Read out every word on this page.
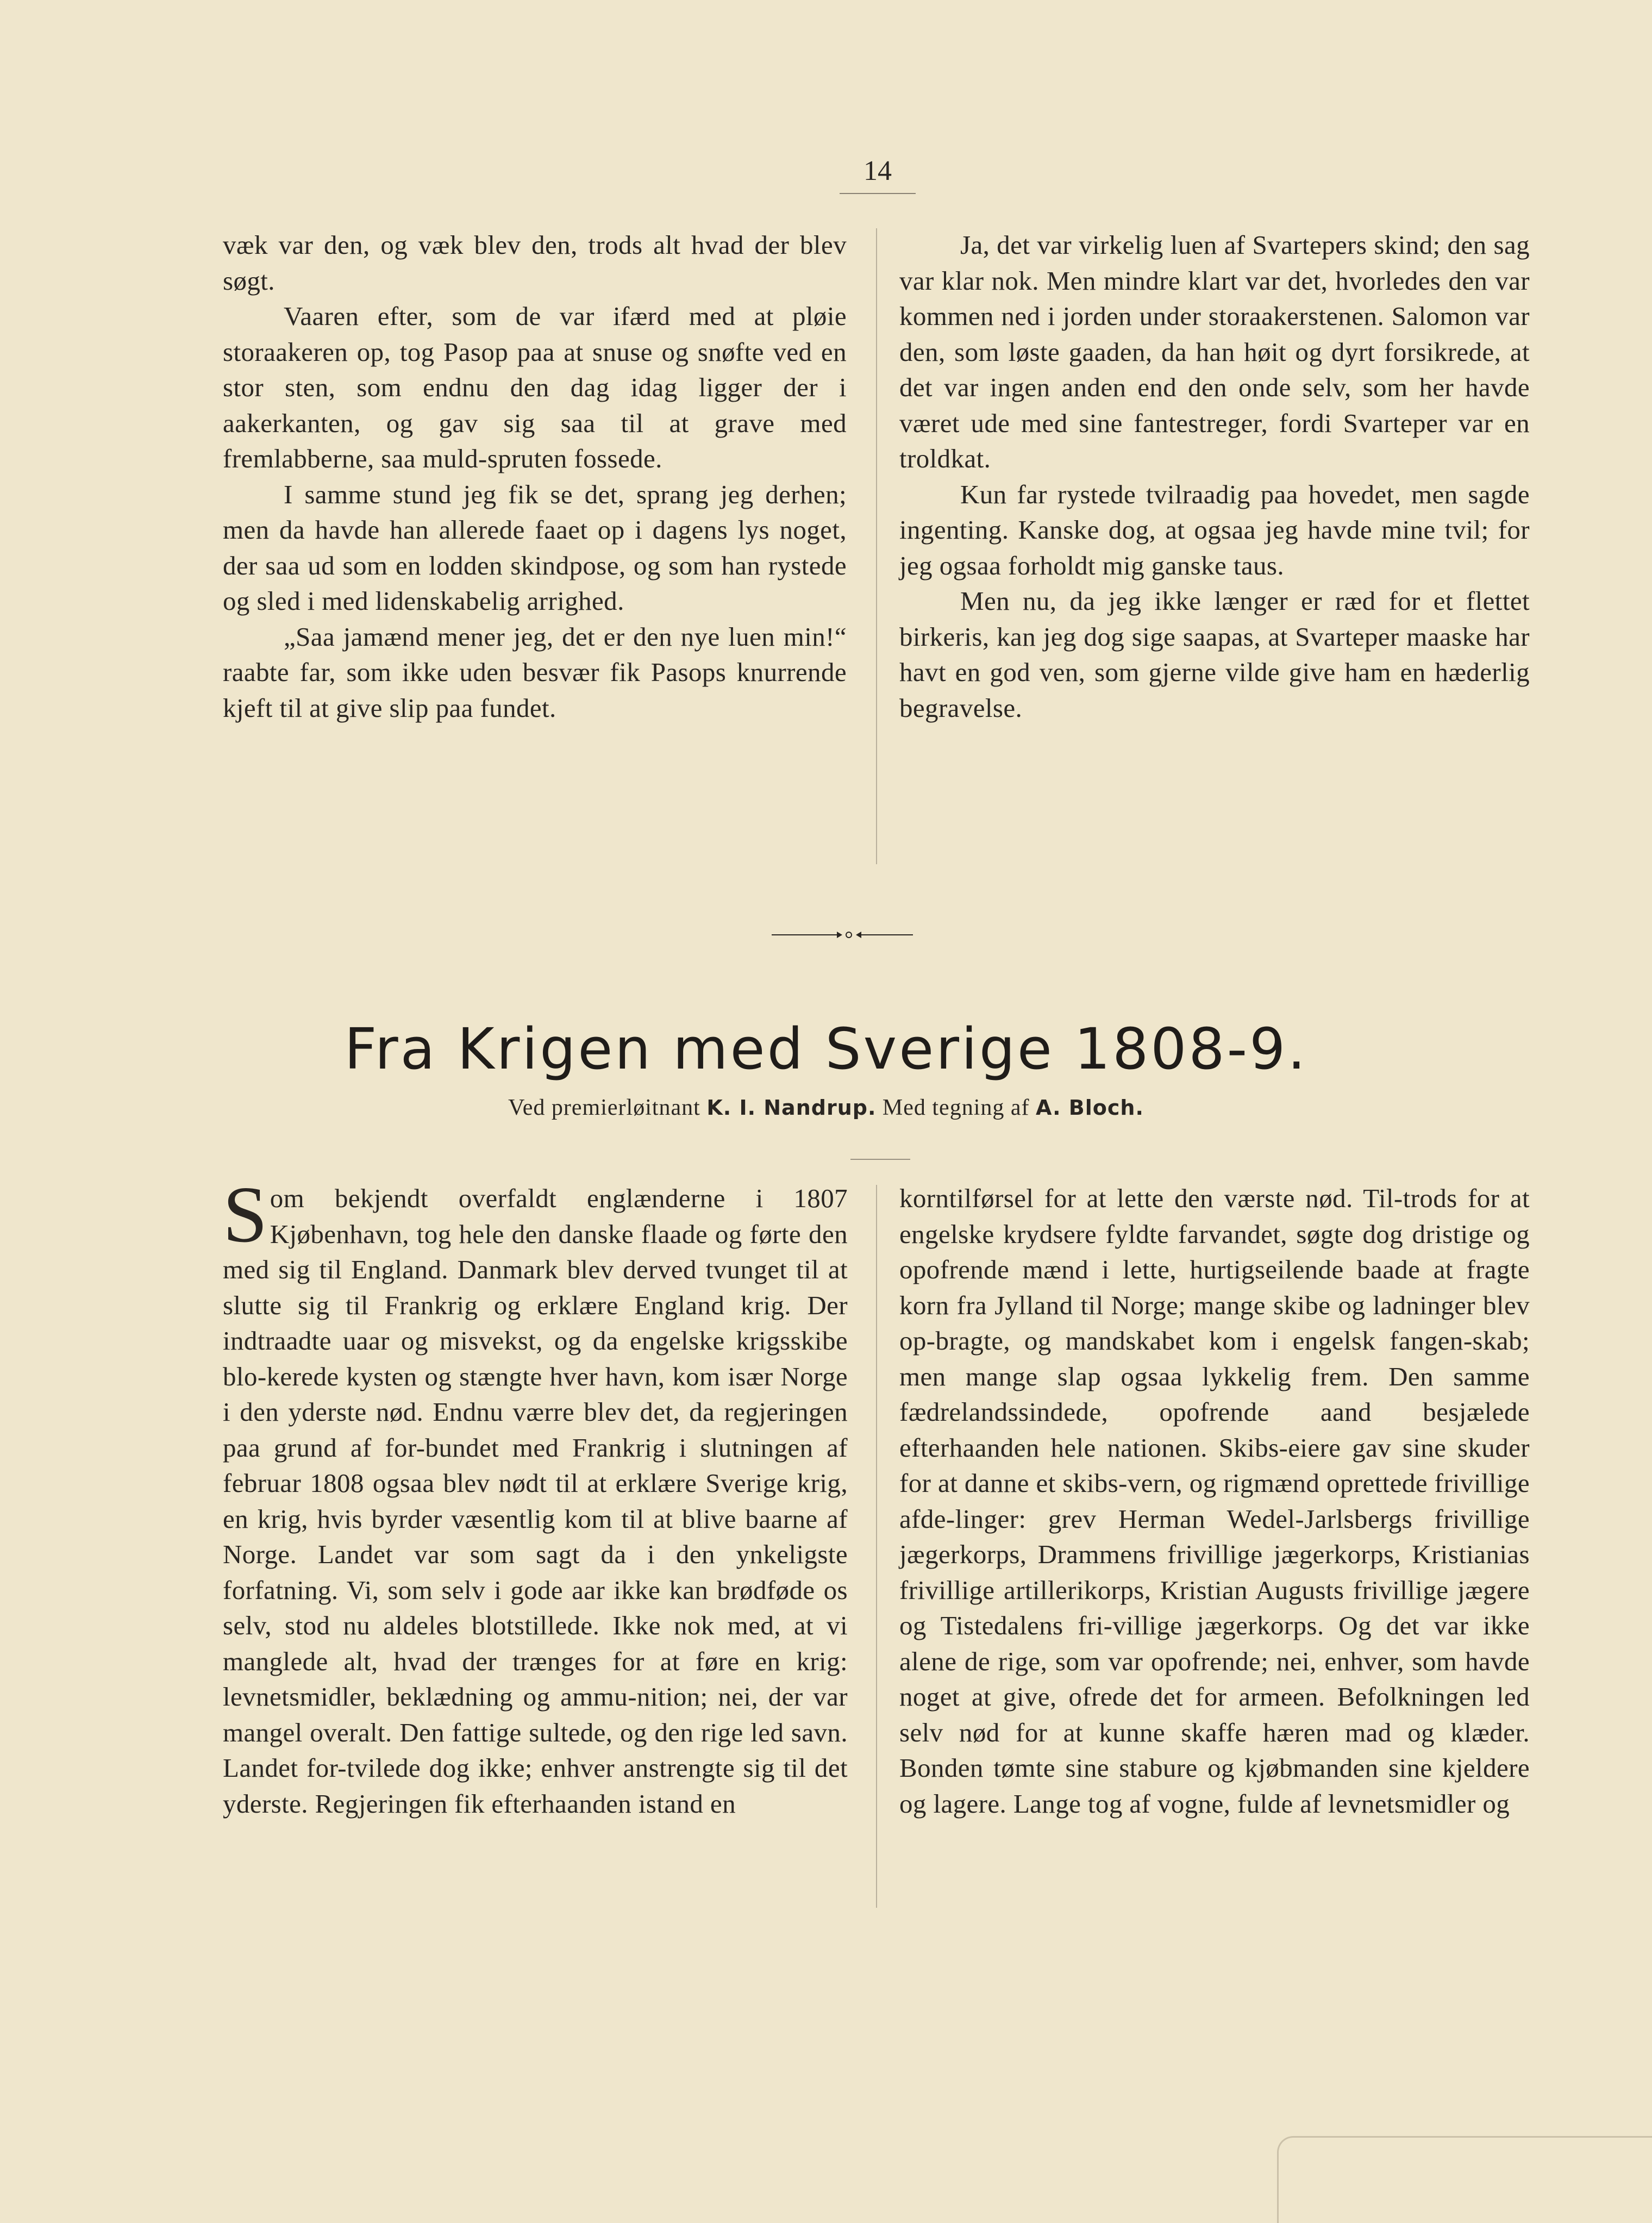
14

væk var den, og væk blev den, trods alt hvad der blev søgt.

Vaaren efter, som de var ifærd med at pløie storaakeren op, tog Pasop paa at snuse og snøfte ved en stor sten, som endnu den dag idag ligger der i aakerkanten, og gav sig saa til at grave med fremlabberne, saa muld-spruten fossede.

I samme stund jeg fik se det, sprang jeg derhen; men da havde han allerede faaet op i dagens lys noget, der saa ud som en lodden skindpose, og som han rystede og sled i med lidenskabelig arrighed.

„Saa jamænd mener jeg, det er den nye luen min!“ raabte far, som ikke uden besvær fik Pasops knurrende kjeft til at give slip paa fundet.

Ja, det var virkelig luen af Svartepers skind; den sag var klar nok. Men mindre klart var det, hvorledes den var kommen ned i jorden under storaakerstenen. Salomon var den, som løste gaaden, da han høit og dyrt forsikrede, at det var ingen anden end den onde selv, som her havde været ude med sine fantestreger, fordi Svarteper var en troldkat.

Kun far rystede tvilraadig paa hovedet, men sagde ingenting. Kanske dog, at ogsaa jeg havde mine tvil; for jeg ogsaa forholdt mig ganske taus.

Men nu, da jeg ikke længer er ræd for et flettet birkeris, kan jeg dog sige saapas, at Svarteper maaske har havt en god ven, som gjerne vilde give ham en hæderlig begravelse.

Fra Krigen med Sverige 1808-9.
Ved premierløitnant K. I. Nandrup. Med tegning af A. Bloch.

Som bekjendt overfaldt englænderne i 1807 Kjøbenhavn, tog hele den danske flaade og førte den med sig til England. Danmark blev derved tvunget til at slutte sig til Frankrig og erklære England krig. Der indtraadte uaar og misvekst, og da engelske krigsskibe blo-kerede kysten og stængte hver havn, kom især Norge i den yderste nød. Endnu værre blev det, da regjeringen paa grund af for-bundet med Frankrig i slutningen af februar 1808 ogsaa blev nødt til at erklære Sverige krig, en krig, hvis byrder væsentlig kom til at blive baarne af Norge. Landet var som sagt da i den ynkeligste forfatning. Vi, som selv i gode aar ikke kan brødføde os selv, stod nu aldeles blotstillede. Ikke nok med, at vi manglede alt, hvad der trænges for at føre en krig: levnetsmidler, beklædning og ammu-nition; nei, der var mangel overalt. Den fattige sultede, og den rige led savn. Landet for-tvilede dog ikke; enhver anstrengte sig til det yderste. Regjeringen fik efterhaanden istand en

korntilførsel for at lette den værste nød. Til-trods for at engelske krydsere fyldte farvandet, søgte dog dristige og opofrende mænd i lette, hurtigseilende baade at fragte korn fra Jylland til Norge; mange skibe og ladninger blev op-bragte, og mandskabet kom i engelsk fangen-skab; men mange slap ogsaa lykkelig frem. Den samme fædrelandssindede, opofrende aand besjælede efterhaanden hele nationen. Skibs-eiere gav sine skuder for at danne et skibs-vern, og rigmænd oprettede frivillige afde-linger: grev Herman Wedel-Jarlsbergs frivillige jægerkorps, Drammens frivillige jægerkorps, Kristianias frivillige artillerikorps, Kristian Augusts frivillige jægere og Tistedalens fri-villige jægerkorps. Og det var ikke alene de rige, som var opofrende; nei, enhver, som havde noget at give, ofrede det for armeen. Befolkningen led selv nød for at kunne skaffe hæren mad og klæder. Bonden tømte sine stabure og kjøbmanden sine kjeldere og lagere. Lange tog af vogne, fulde af levnetsmidler og
